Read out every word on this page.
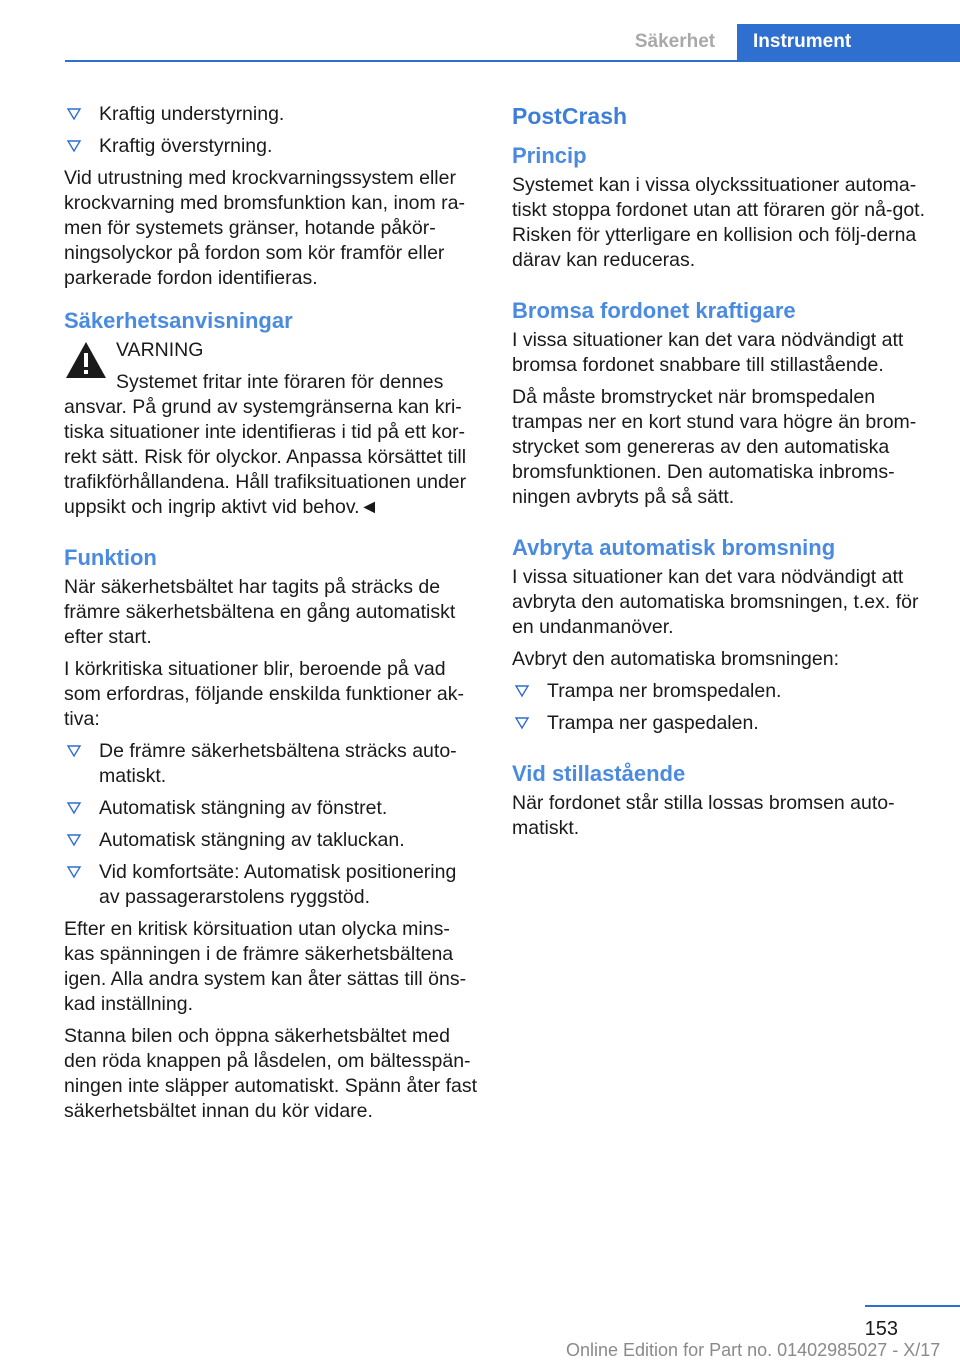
Säkerhet	Instrument
Kraftig understyrning.
Kraftig överstyrning.

Vid utrustning med krockvarningssystem eller krockvarning med bromsfunktion kan, inom ra-men för systemets gränser, hotande påkör-ningsolyckor på fordon som kör framför eller parkerade fordon identifieras.

Säkerhetsanvisningar
VARNING
Systemet fritar inte föraren för dennes ansvar. På grund av systemgränserna kan kri-tiska situationer inte identifieras i tid på ett kor-rekt sätt. Risk för olyckor. Anpassa körsättet till trafikförhållandena. Håll trafiksituationen under uppsikt och ingrip aktivt vid behov.◄
Funktion

När säkerhetsbältet har tagits på sträcks de främre säkerhetsbältena en gång automatiskt efter start.

I körkritiska situationer blir, beroende på vad som erfordras, följande enskilda funktioner ak-tiva:

De främre säkerhetsbältena sträcks auto-matiskt.
Automatisk stängning av fönstret.
Automatisk stängning av takluckan.
Vid komfortsäte: Automatisk positionering av passagerarstolens ryggstöd.

Efter en kritisk körsituation utan olycka mins-kas spänningen i de främre säkerhetsbältena igen. Alla andra system kan åter sättas till öns-kad inställning.

Stanna bilen och öppna säkerhetsbältet med den röda knappen på låsdelen, om bältesspän-ningen inte släpper automatiskt. Spänn åter fast säkerhetsbältet innan du kör vidare.

PostCrash
Princip

Systemet kan i vissa olyckssituationer automa-tiskt stoppa fordonet utan att föraren gör nå-got. Risken för ytterligare en kollision och följ-derna därav kan reduceras.

Bromsa fordonet kraftigare

I vissa situationer kan det vara nödvändigt att bromsa fordonet snabbare till stillastående.

Då måste bromstrycket när bromspedalen trampas ner en kort stund vara högre än brom-strycket som genereras av den automatiska bromsfunktionen. Den automatiska inbroms-ningen avbryts på så sätt.

Avbryta automatisk bromsning

I vissa situationer kan det vara nödvändigt att avbryta den automatiska bromsningen, t.ex. för en undanmanöver.

Avbryt den automatiska bromsningen:

Trampa ner bromspedalen.
Trampa ner gaspedalen.
Vid stillastående

När fordonet står stilla lossas bromsen auto-matiskt.

153
Online Edition for Part no. 01402985027 - X/17
